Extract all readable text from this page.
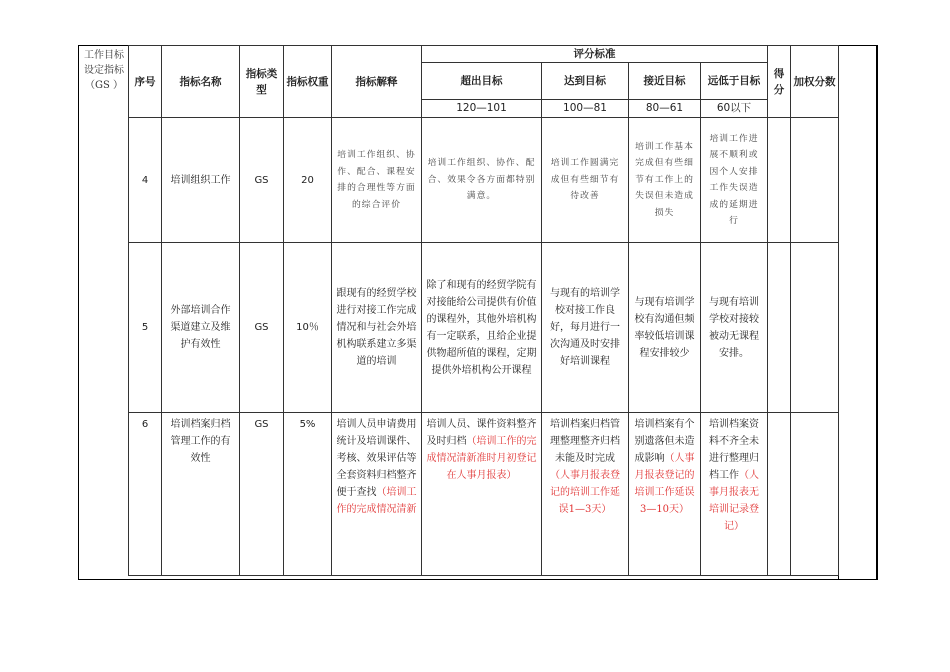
工作目标设定指标（GS ）	序号	指标名称	指标类型	指标权重	指标解释	评分标准				得分	加权分数
					超出目标	达到目标	接近目标	远低于目标		
					120—101	100—81	80—61	60以下		
4	培训组织工作	GS	20	培训工作组织、协作、配合、课程安排的合理性等方面的综合评价	培训工作组织、协作、配合、效果令各方面都特别满意。	培训工作圆满完成但有些细节有待改善	培训工作基本完成但有些细节有工作上的失误但未造成损失	培训工作进展不顺利或因个人安排工作失误造成的延期进行		
5	外部培训合作渠道建立及维护有效性	GS	10％	跟现有的经贸学校进行对接工作完成情况和与社会外培机构联系建立多渠道的培训	除了和现有的经贸学院有对接能给公司提供有价值的课程外，其他外培机构有一定联系，且给企业提供物超所值的课程，定期提供外培机构公开课程	与现有的培训学校对接工作良好，每月进行一次沟通及时安排好培训课程	与现有培训学校有沟通但频率较低培训课程安排较少	与现有培训学校对接较被动无课程安排。		
6	培训档案归档管理工作的有效性	GS	5%	培训人员申请费用统计及培训课件、考核、效果评估等全套资料归档整齐便于查找（培训工作的完成情况清新	培训人员、课件资料整齐及时归档（培训工作的完成情况清新准时月初登记在人事月报表）	培训档案归档管理整理整齐归档未能及时完成（人事月报表登记的培训工作延误1—3天）	培训档案有个别遗落但未造成影响（人事月报表登记的培训工作延误3—10天）	培训档案资料不齐全未进行整理归档工作（人事月报表无培训记录登记）		
